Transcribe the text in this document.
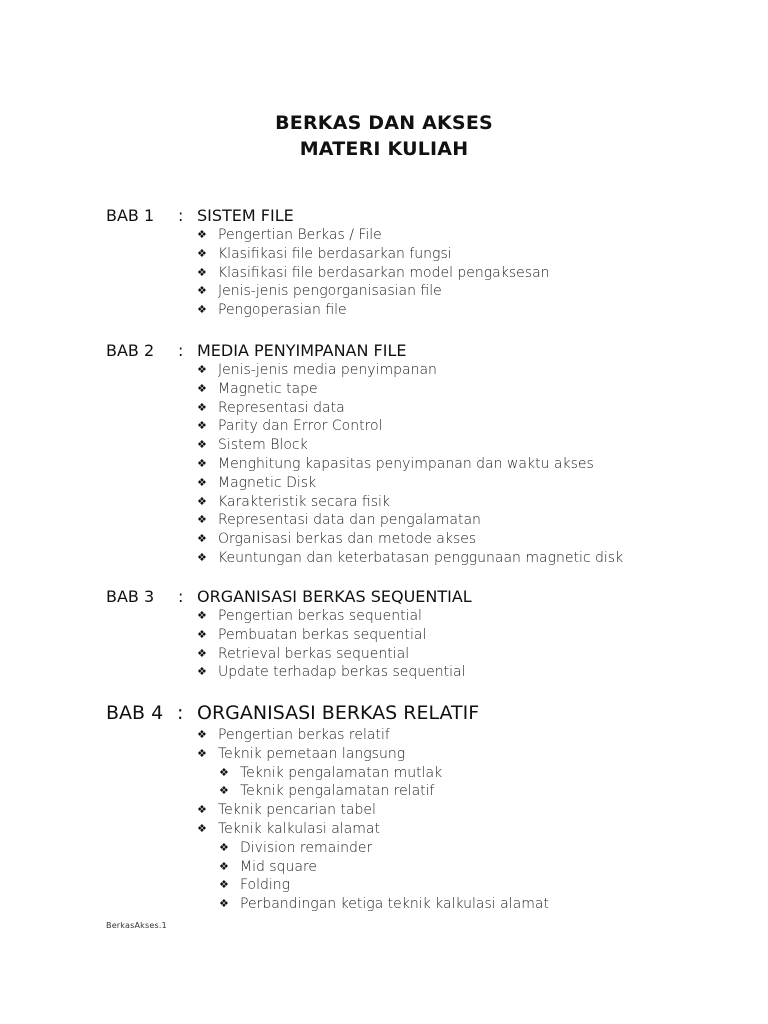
BERKAS DAN AKSES
MATERI KULIAH
BAB 1 : SISTEM FILE
❖ Pengertian Berkas / File
❖ Klasifikasi file berdasarkan fungsi
❖ Klasifikasi file berdasarkan model pengaksesan
❖ Jenis-jenis pengorganisasian file
❖ Pengoperasian file
BAB 2 : MEDIA PENYIMPANAN FILE
❖ Jenis-jenis media penyimpanan
❖ Magnetic tape
❖ Representasi data
❖ Parity dan Error Control
❖ Sistem Block
❖ Menghitung kapasitas penyimpanan dan waktu akses
❖ Magnetic Disk
❖ Karakteristik secara fisik
❖ Representasi data dan pengalamatan
❖ Organisasi berkas dan metode akses
❖ Keuntungan dan keterbatasan penggunaan magnetic disk
BAB 3 : ORGANISASI BERKAS SEQUENTIAL
❖ Pengertian berkas sequential
❖ Pembuatan berkas sequential
❖ Retrieval berkas sequential
❖ Update terhadap berkas sequential
BAB 4 : ORGANISASI BERKAS RELATIF
❖ Pengertian berkas relatif
❖ Teknik pemetaan langsung
❖ Teknik pengalamatan mutlak
❖ Teknik pengalamatan relatif
❖ Teknik pencarian tabel
❖ Teknik kalkulasi alamat
❖ Division remainder
❖ Mid square
❖ Folding
❖ Perbandingan ketiga teknik kalkulasi alamat
BerkasAkses.1
